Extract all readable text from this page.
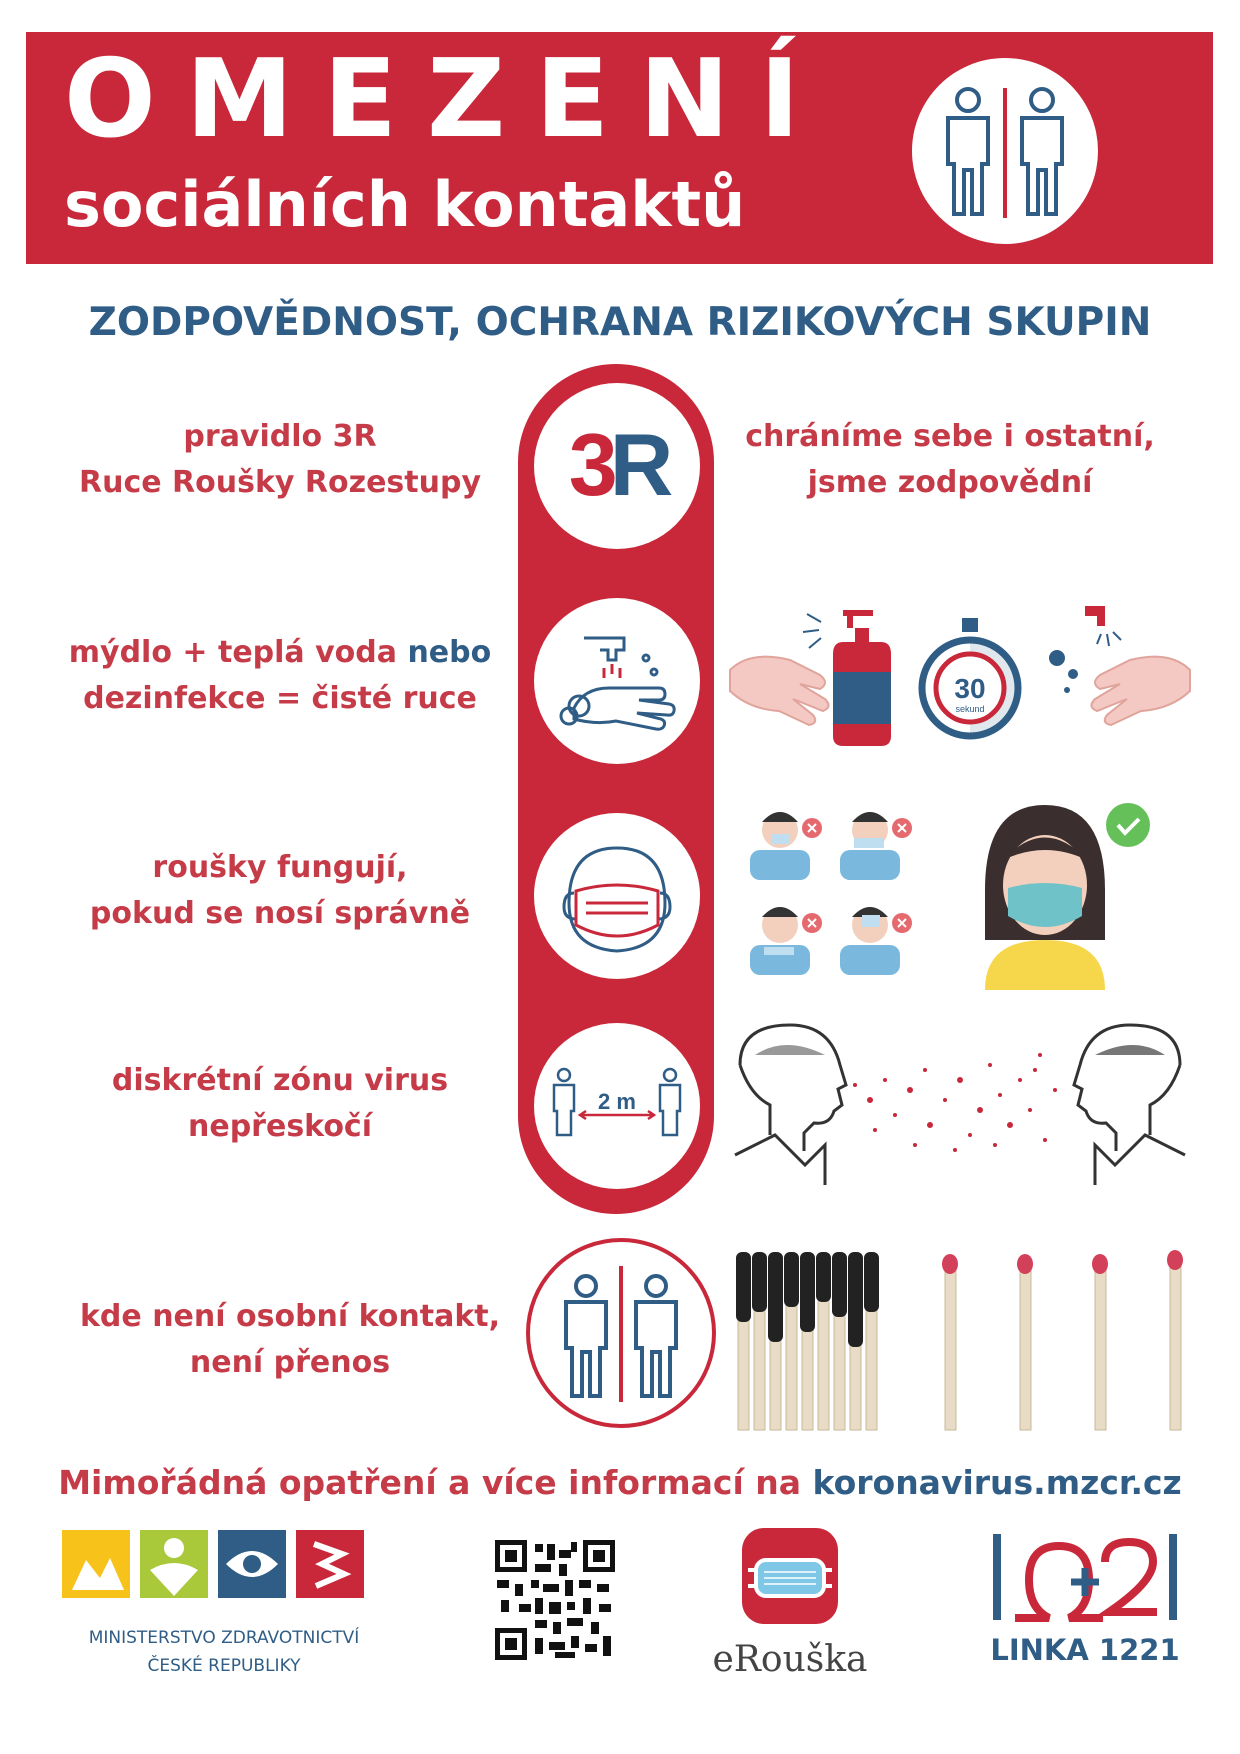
OMEZENÍ
sociálních kontaktů
ZODPOVĚDNOST, OCHRANA RIZIKOVÝCH SKUPIN
3R
pravidlo 3R
Ruce Roušky Rozestupy
chráníme sebe i ostatní,
jsme zodpovědní
mýdlo + teplá voda nebo
dezinfekce = čisté ruce	30
sekund
roušky fungují,
pokud se nosí správně
2 m
diskrétní zónu virus
nepřeskočí
kde není osobní kontakt,
není přenos
Mimořádná opatření a více informací na koronavirus.mzcr.cz
MINISTERSTVO ZDRAVOTNICTVÍ
ČESKÉ REPUBLIKY	eRouška	LINKA 1221
